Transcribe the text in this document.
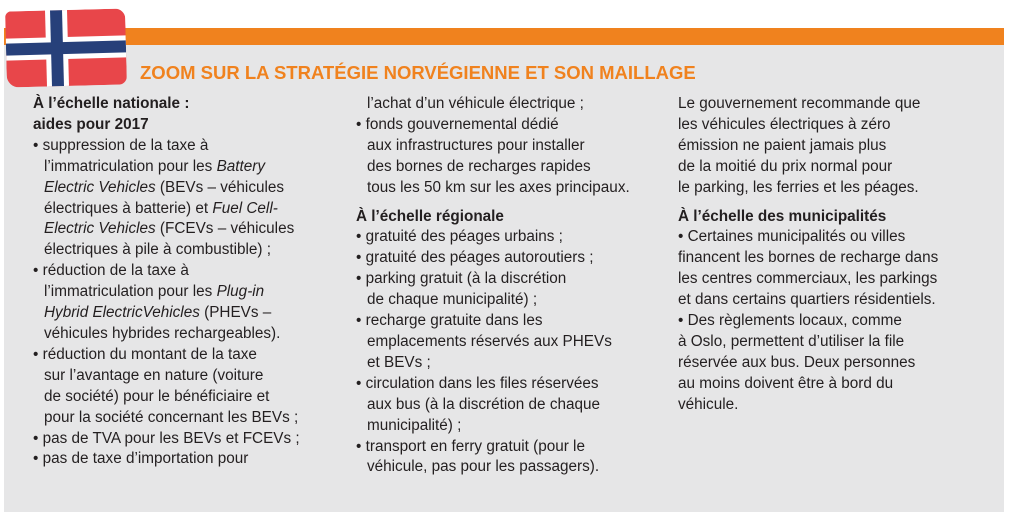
ZOOM SUR LA STRATÉGIE NORVÉGIENNE ET SON MAILLAGE
À l’échelle nationale :
aides pour 2017
• suppression de la taxe à
l’immatriculation pour les Battery
Electric Vehicles (BEVs – véhicules
électriques à batterie) et Fuel Cell-
Electric Vehicles (FCEVs – véhicules
électriques à pile à combustible) ;
• réduction de la taxe à
l’immatriculation pour les Plug-in
Hybrid ElectricVehicles (PHEVs –
véhicules hybrides rechargeables).
• réduction du montant de la taxe
sur l’avantage en nature (voiture
de société) pour le bénéficiaire et
pour la société concernant les BEVs ;
• pas de TVA pour les BEVs et FCEVs ;
• pas de taxe d’importation pour
l’achat d’un véhicule électrique ;
• fonds gouvernemental dédié
aux infrastructures pour installer
des bornes de recharges rapides
tous les 50 km sur les axes principaux.
À l’échelle régionale
• gratuité des péages urbains ;
• gratuité des péages autoroutiers ;
• parking gratuit (à la discrétion
de chaque municipalité) ;
• recharge gratuite dans les
emplacements réservés aux PHEVs
et BEVs ;
• circulation dans les files réservées
aux bus (à la discrétion de chaque
municipalité) ;
• transport en ferry gratuit (pour le
véhicule, pas pour les passagers).
Le gouvernement recommande que
les véhicules électriques à zéro
émission ne paient jamais plus
de la moitié du prix normal pour
le parking, les ferries et les péages.
À l’échelle des municipalités
• Certaines municipalités ou villes
financent les bornes de recharge dans
les centres commerciaux, les parkings
et dans certains quartiers résidentiels.
• Des règlements locaux, comme
à Oslo, permettent d’utiliser la file
réservée aux bus. Deux personnes
au moins doivent être à bord du
véhicule.
